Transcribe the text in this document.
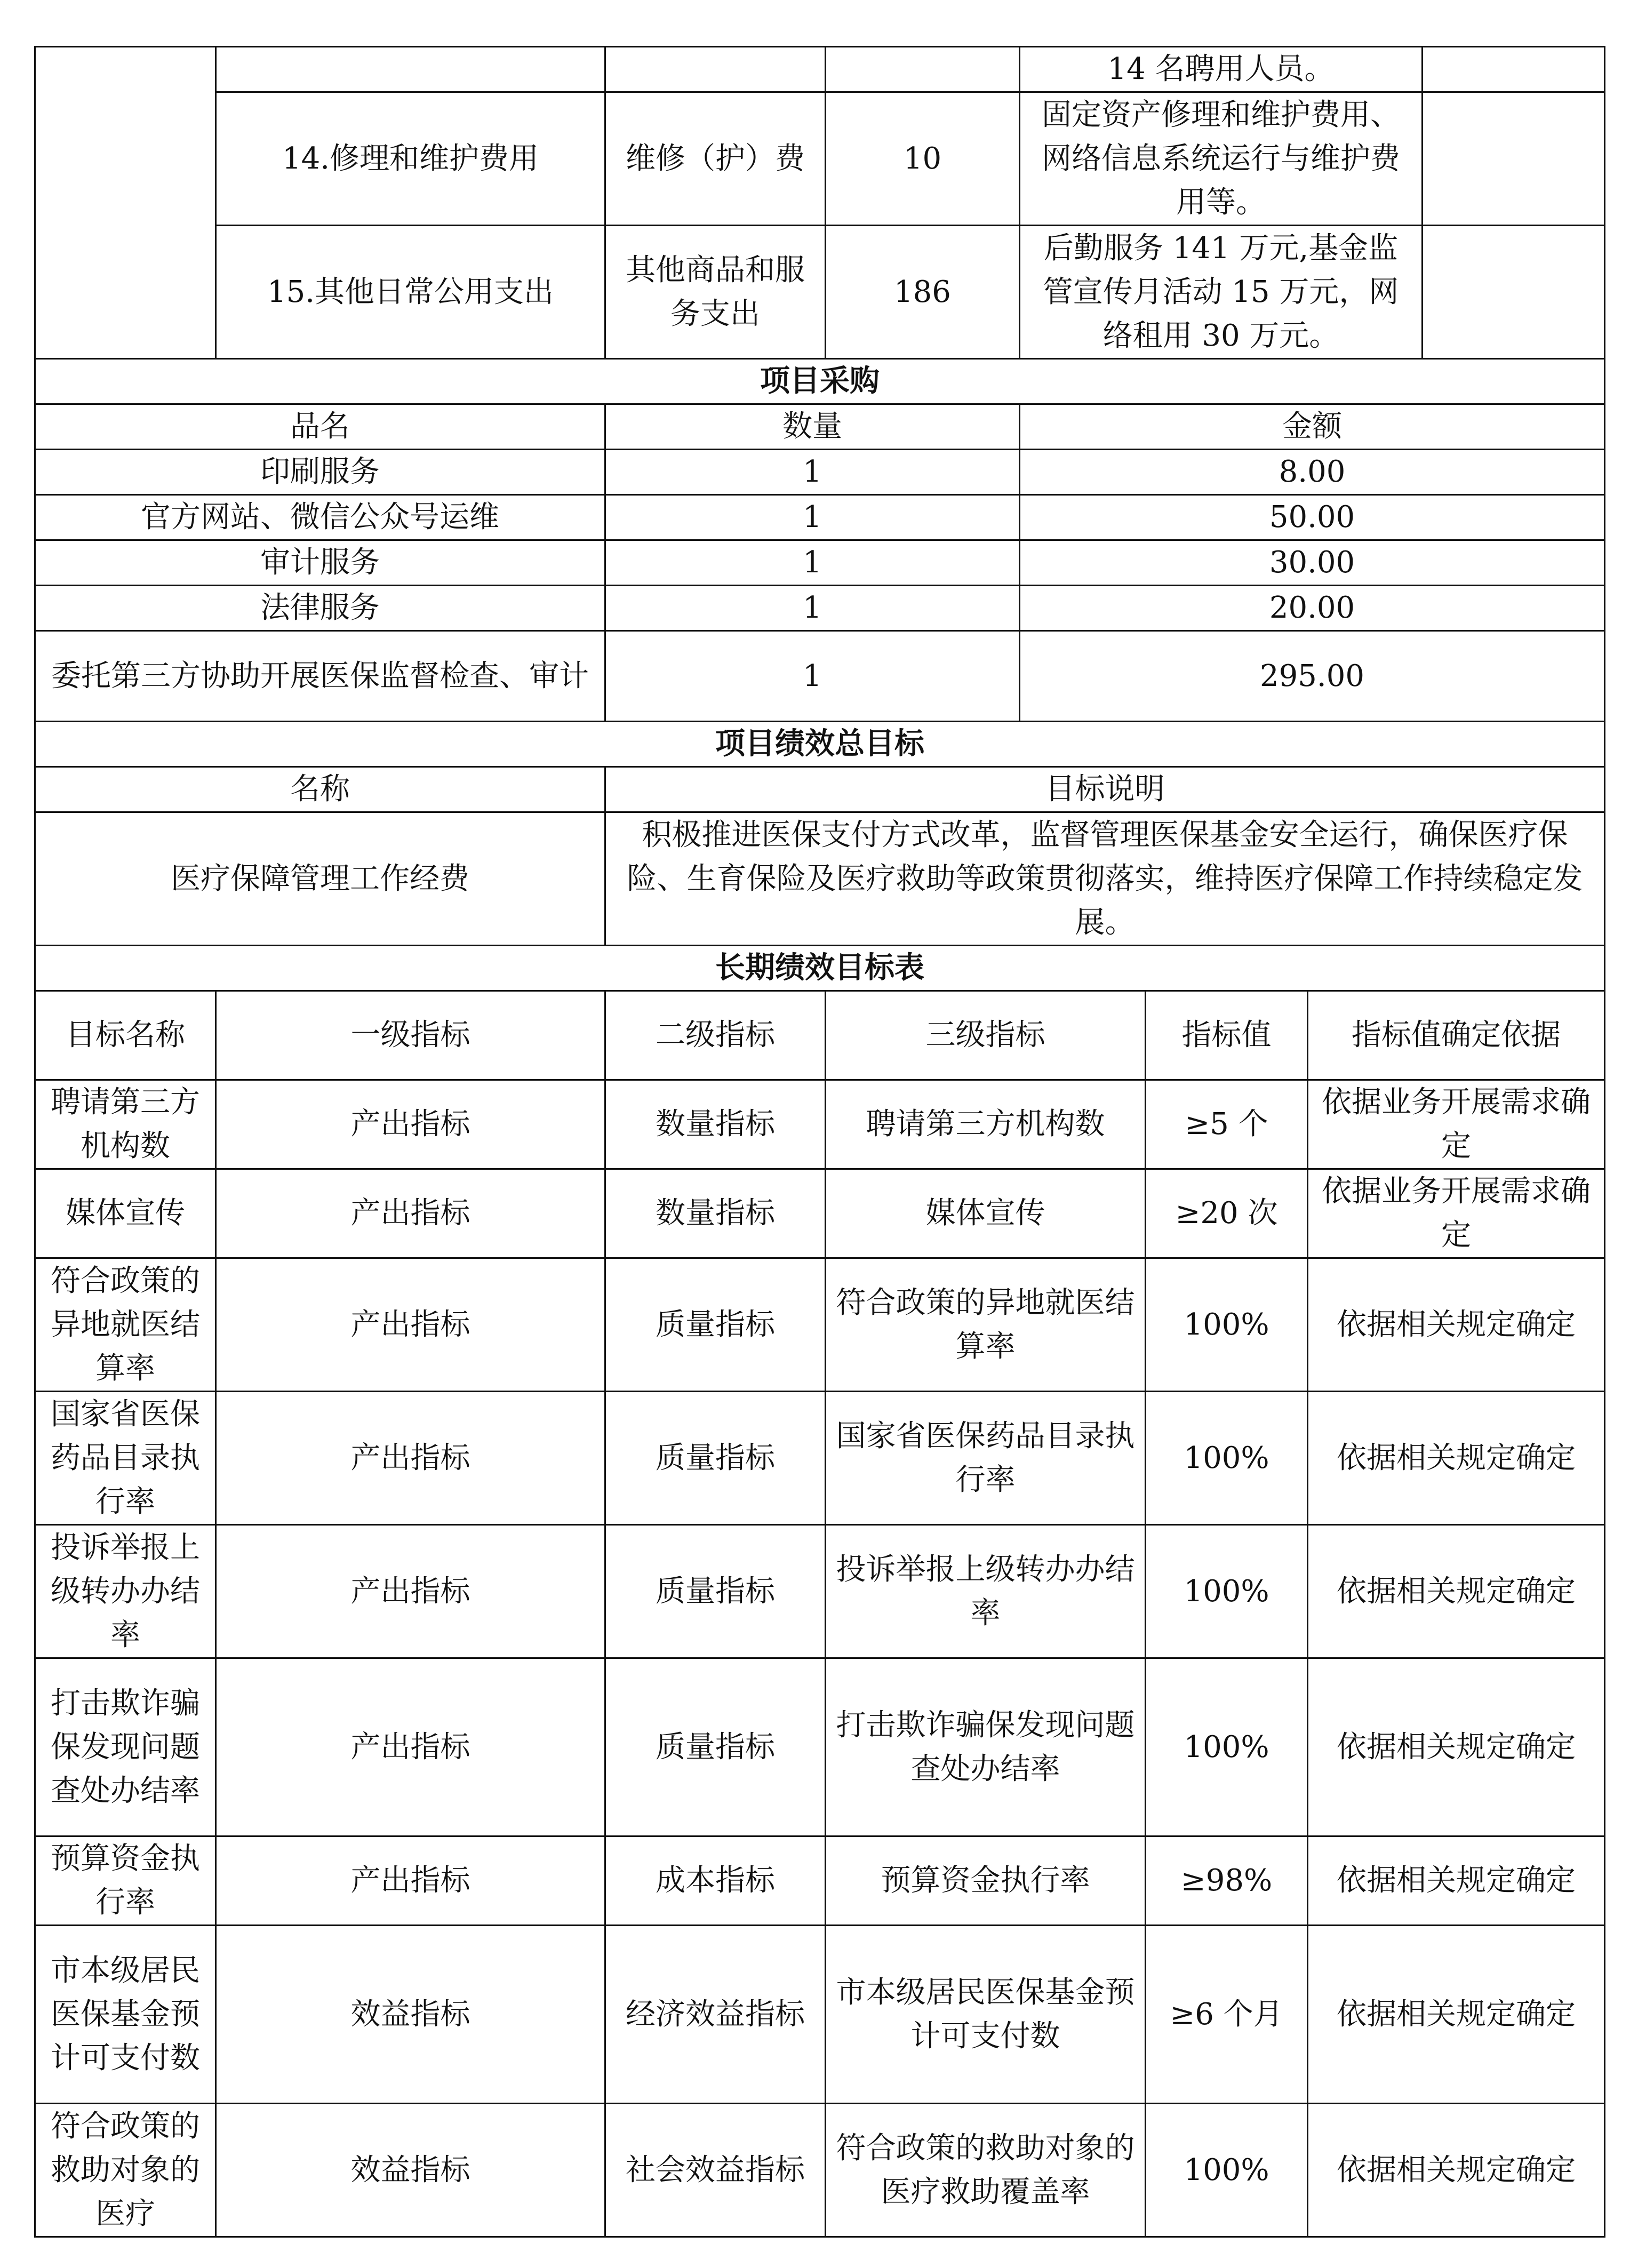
				14 名聘用人员。			
	14.修理和维护费用	维修（护）费	10	固定资产修理和维护费用、网络信息系统运行与维护费用等。			
	15.其他日常公用支出	其他商品和服务支出	186	后勤服务 141 万元,基金监管宣传月活动 15 万元，网络租用 30 万元。			
项目采购							
品名		数量		金额			
印刷服务		1		8.00			
官方网站、微信公众号运维		1		50.00			
审计服务		1		30.00			
法律服务		1		20.00			
委托第三方协助开展医保监督检查、审计		1		295.00			
项目绩效总目标							
名称		目标说明					
医疗保障管理工作经费		积极推进医保支付方式改革，监督管理医保基金安全运行，确保医疗保险、生育保险及医疗救助等政策贯彻落实，维持医疗保障工作持续稳定发展。					
长期绩效目标表							
目标名称	一级指标	二级指标	三级指标		指标值	指标值确定依据	
聘请第三方机构数	产出指标	数量指标	聘请第三方机构数		≥5 个	依据业务开展需求确定	
媒体宣传	产出指标	数量指标	媒体宣传		≥20 次	依据业务开展需求确定	
符合政策的异地就医结算率	产出指标	质量指标	符合政策的异地就医结算率		100%	依据相关规定确定	
国家省医保药品目录执行率	产出指标	质量指标	国家省医保药品目录执行率		100%	依据相关规定确定	
投诉举报上级转办办结率	产出指标	质量指标	投诉举报上级转办办结率		100%	依据相关规定确定	
打击欺诈骗保发现问题查处办结率	产出指标	质量指标	打击欺诈骗保发现问题查处办结率		100%	依据相关规定确定	
预算资金执行率	产出指标	成本指标	预算资金执行率		≥98%	依据相关规定确定	
市本级居民医保基金预计可支付数	效益指标	经济效益指标	市本级居民医保基金预计可支付数		≥6 个月	依据相关规定确定	
符合政策的救助对象的医疗	效益指标	社会效益指标	符合政策的救助对象的医疗救助覆盖率		100%	依据相关规定确定	
